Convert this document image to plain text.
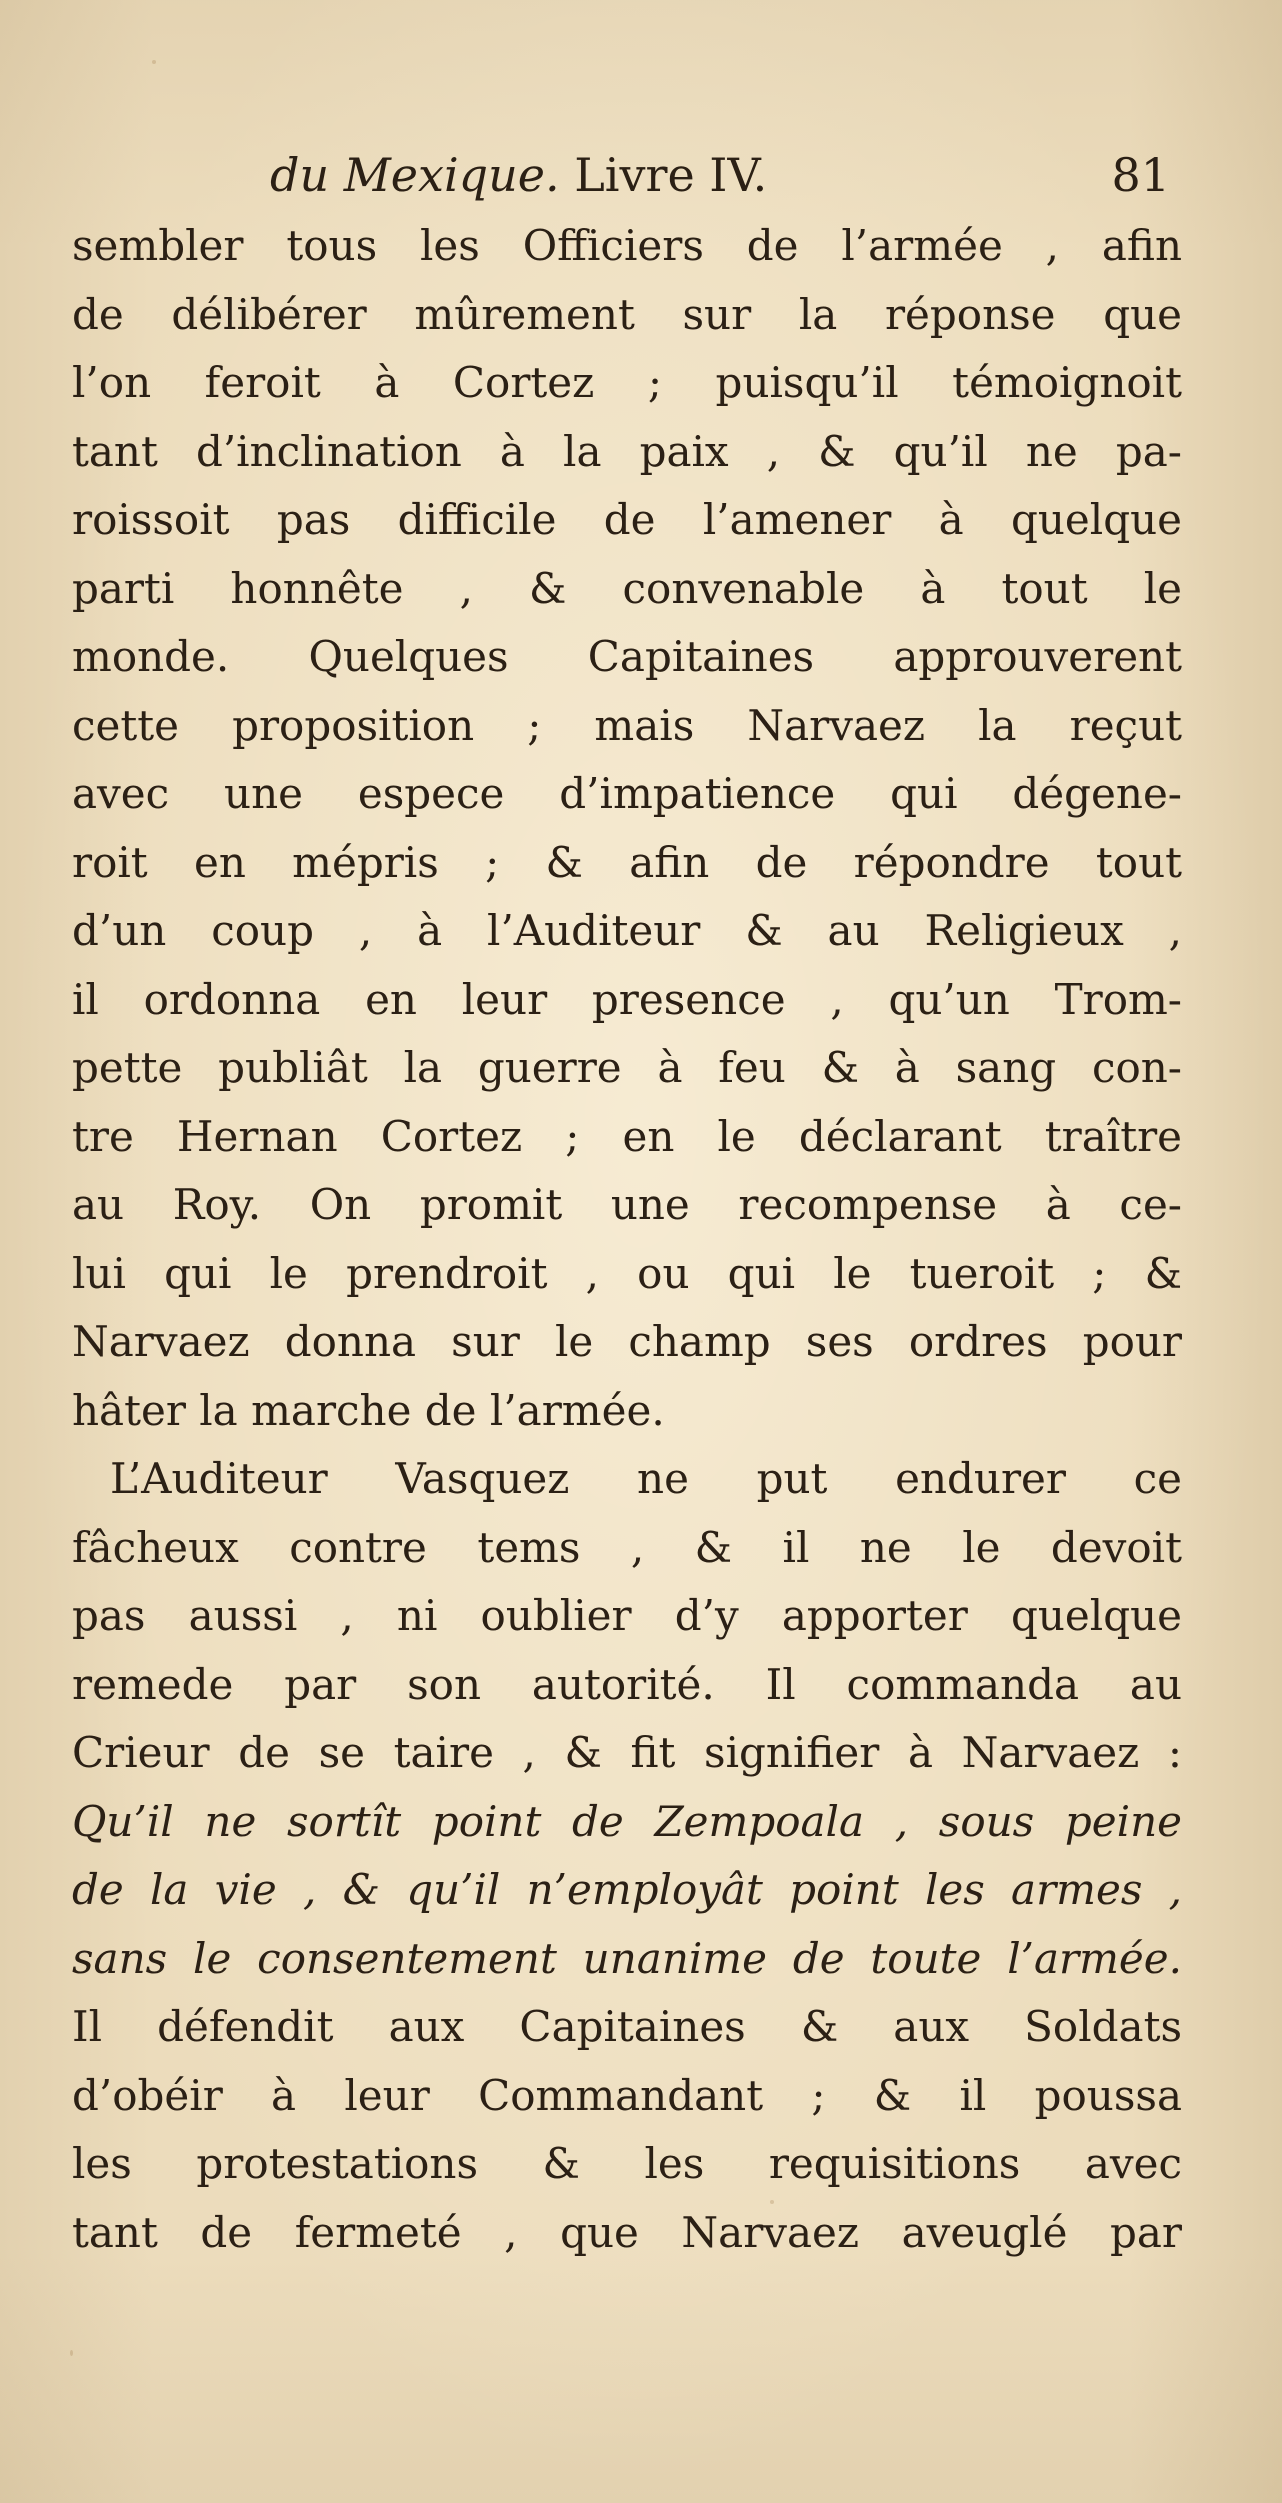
du Mexique. Livre IV.	81
sembler tous les Officiers de l’armée , afin
de délibérer mûrement sur la réponse que
l’on feroit à Cortez ; puisqu’il témoignoit
tant d’inclination à la paix , & qu’il ne pa-
roissoit pas difficile de l’amener à quelque
parti honnête , & convenable à tout le
monde. Quelques Capitaines approuverent
cette proposition ; mais Narvaez la reçut
avec une espece d’impatience qui dégene-
roit en mépris ; & afin de répondre tout
d’un coup , à l’Auditeur & au Religieux ,
il ordonna en leur presence , qu’un Trom-
pette publiât la guerre à feu & à sang con-
tre Hernan Cortez ; en le déclarant traître
au Roy. On promit une recompense à ce-
lui qui le prendroit , ou qui le tueroit ; &
Narvaez donna sur le champ ses ordres pour
hâter la marche de l’armée.
L’Auditeur Vasquez ne put endurer ce
fâcheux contre tems , & il ne le devoit
pas aussi , ni oublier d’y apporter quelque
remede par son autorité. Il commanda au
Crieur de se taire , & fit signifier à Narvaez :
Qu’il ne sortît point de Zempoala , sous peine
de la vie , & qu’il n’employât point les armes ,
sans le consentement unanime de toute l’armée.
Il défendit aux Capitaines & aux Soldats
d’obéir à leur Commandant ; & il poussa
les protestations & les requisitions avec
tant de fermeté , que Narvaez aveuglé par
